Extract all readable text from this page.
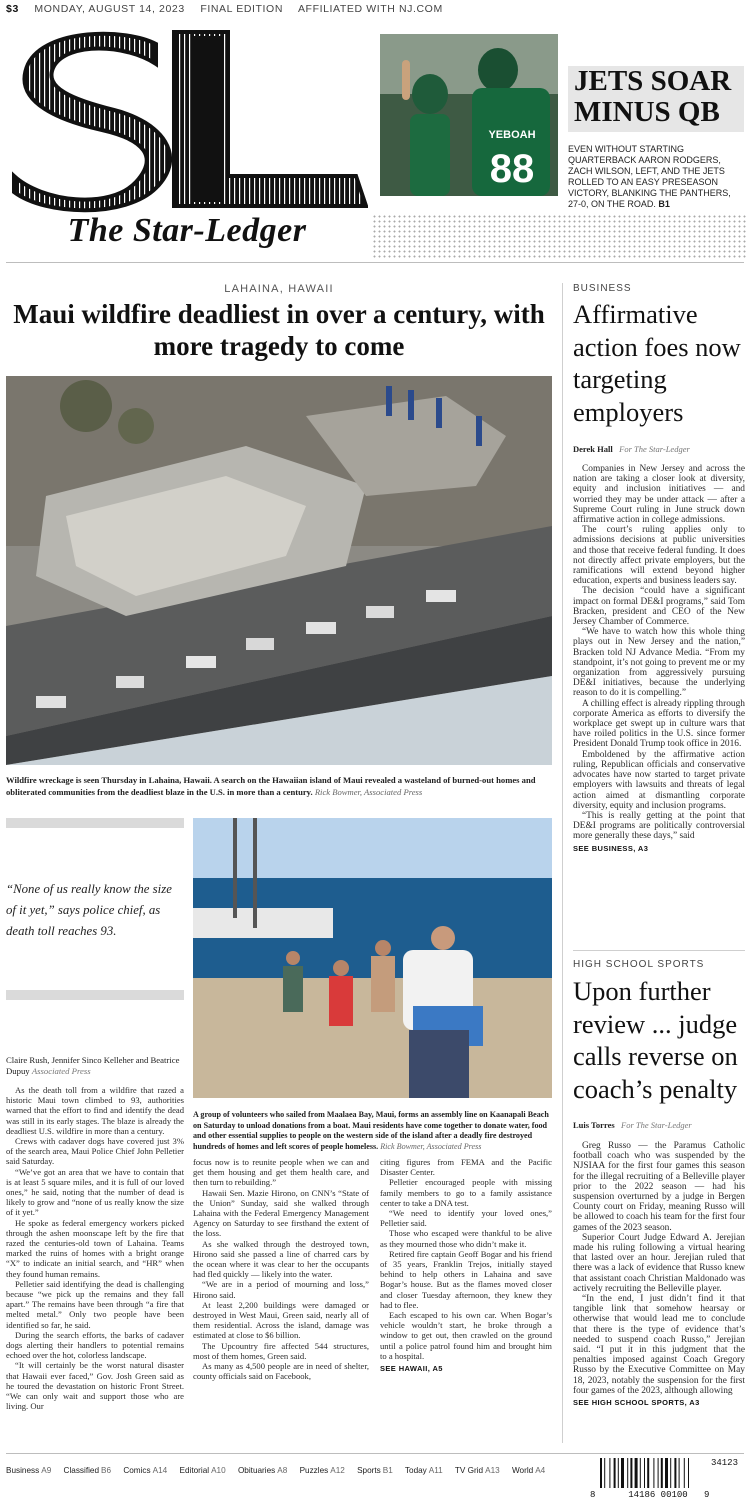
$3 MONDAY, AUGUST 14, 2023 FINAL EDITION AFFILIATED WITH NJ.COM
The Star-Ledger
YEBOAH
88
JETS SOAR MINUS QB
EVEN WITHOUT STARTING QUARTERBACK AARON RODGERS, ZACH WILSON, LEFT, AND THE JETS ROLLED TO AN EASY PRESEASON VICTORY, BLANKING THE PANTHERS, 27-0, ON THE ROAD. B1
LAHAINA, HAWAII
Maui wildfire deadliest in over a century, with more tragedy to come
Wildfire wreckage is seen Thursday in Lahaina, Hawaii. A search on the Hawaiian island of Maui revealed a wasteland of burned-out homes and obliterated communities from the deadliest blaze in the U.S. in more than a century. Rick Bowmer, Associated Press
“None of us really know the size of it yet,” says police chief, as death toll reaches 93.
A group of volunteers who sailed from Maalaea Bay, Maui, forms an assembly line on Kaanapali Beach on Saturday to unload donations from a boat. Maui residents have come together to donate water, food and other essential supplies to people on the western side of the island after a deadly fire destroyed hundreds of homes and left scores of people homeless. Rick Bowmer, Associated Press
Claire Rush, Jennifer Sinco Kelleher and Beatrice Dupuy Associated Press

As the death toll from a wildfire that razed a historic Maui town climbed to 93, authorities warned that the effort to find and identify the dead was still in its early stages. The blaze is already the deadliest U.S. wildfire in more than a century.

Crews with cadaver dogs have covered just 3% of the search area, Maui Police Chief John Pelletier said Saturday.

“We’ve got an area that we have to contain that is at least 5 square miles, and it is full of our loved ones,” he said, noting that the number of dead is likely to grow and “none of us really know the size of it yet.”

He spoke as federal emergency workers picked through the ashen moonscape left by the fire that razed the centuries-old town of Lahaina. Teams marked the ruins of homes with a bright orange “X” to indicate an initial search, and “HR” when they found human remains.

Pelletier said identifying the dead is challenging because “we pick up the remains and they fall apart.” The remains have been through “a fire that melted metal.” Only two people have been identified so far, he said.

During the search efforts, the barks of cadaver dogs alerting their handlers to potential remains echoed over the hot, colorless landscape.

“It will certainly be the worst natural disaster that Hawaii ever faced,” Gov. Josh Green said as he toured the devastation on historic Front Street. “We can only wait and support those who are living. Our

focus now is to reunite people when we can and get them housing and get them health care, and then turn to rebuilding.”

Hawaii Sen. Mazie Hirono, on CNN’s “State of the Union” Sunday, said she walked through Lahaina with the Federal Emergency Management Agency on Saturday to see firsthand the extent of the loss.

As she walked through the destroyed town, Hirono said she passed a line of charred cars by the ocean where it was clear to her the occupants had fled quickly — likely into the water.

“We are in a period of mourning and loss,” Hirono said.

At least 2,200 buildings were damaged or destroyed in West Maui, Green said, nearly all of them residential. Across the island, damage was estimated at close to $6 billion.

The Upcountry fire affected 544 structures, most of them homes, Green said.

As many as 4,500 people are in need of shelter, county officials said on Facebook,

citing figures from FEMA and the Pacific Disaster Center.

Pelletier encouraged people with missing family members to go to a family assistance center to take a DNA test.

“We need to identify your loved ones,” Pelletier said.

Those who escaped were thankful to be alive as they mourned those who didn’t make it.

Retired fire captain Geoff Bogar and his friend of 35 years, Franklin Trejos, initially stayed behind to help others in Lahaina and save Bogar’s house. But as the flames moved closer and closer Tuesday afternoon, they knew they had to flee.

Each escaped to his own car. When Bogar’s vehicle wouldn’t start, he broke through a window to get out, then crawled on the ground until a police patrol found him and brought him to a hospital.

SEE HAWAII, A5
BUSINESS
Affirmative action foes now targeting employers
Derek Hall For The Star-Ledger

Companies in New Jersey and across the nation are taking a closer look at diversity, equity and inclusion initiatives — and worried they may be under attack — after a Supreme Court ruling in June struck down affirmative action in college admissions.

The court’s ruling applies only to admissions decisions at public universities and those that receive federal funding. It does not directly affect private employers, but the ramifications will extend beyond higher education, experts and business leaders say.

The decision “could have a significant impact on formal DE&I programs,” said Tom Bracken, president and CEO of the New Jersey Chamber of Commerce.

“We have to watch how this whole thing plays out in New Jersey and the nation,” Bracken told NJ Advance Media. “From my standpoint, it’s not going to prevent me or my organization from aggressively pursuing DE&I initiatives, because the underlying reason to do it is compelling.”

A chilling effect is already rippling through corporate America as efforts to diversify the workplace get swept up in culture wars that have roiled politics in the U.S. since former President Donald Trump took office in 2016.

Emboldened by the affirmative action ruling, Republican officials and conservative advocates have now started to target private employers with lawsuits and threats of legal action aimed at dismantling corporate diversity, equity and inclusion programs.

“This is really getting at the point that DE&I programs are politically controversial more generally these days,” said

SEE BUSINESS, A3
HIGH SCHOOL SPORTS
Upon further review ... judge calls reverse on coach’s penalty
Luis Torres For The Star-Ledger

Greg Russo — the Paramus Catholic football coach who was suspended by the NJSIAA for the first four games this season for the illegal recruiting of a Belleville player prior to the 2022 season — had his suspension overturned by a judge in Bergen County court on Friday, meaning Russo will be allowed to coach his team for the first four games of the 2023 season.

Superior Court Judge Edward A. Jerejian made his ruling following a virtual hearing that lasted over an hour. Jerejian ruled that there was a lack of evidence that Russo knew that assistant coach Christian Maldonado was actively recruiting the Belleville player.

“In the end, I just didn’t find it that tangible link that somehow hearsay or otherwise that would lead me to conclude that there is the type of evidence that’s needed to suspend coach Russo,” Jerejian said. “I put it in this judgment that the penalties imposed against Coach Gregory Russo by the Executive Committee on May 18, 2023, notably the suspension for the first four games of the 2023, although allowing

SEE HIGH SCHOOL SPORTS, A3
Business A9 Classified B6 Comics A14 Editorial A10 Obituaries A8 Puzzles A12 Sports B1 Today A11 TV Grid A13 World A4
34123
8	14186 00100 9
